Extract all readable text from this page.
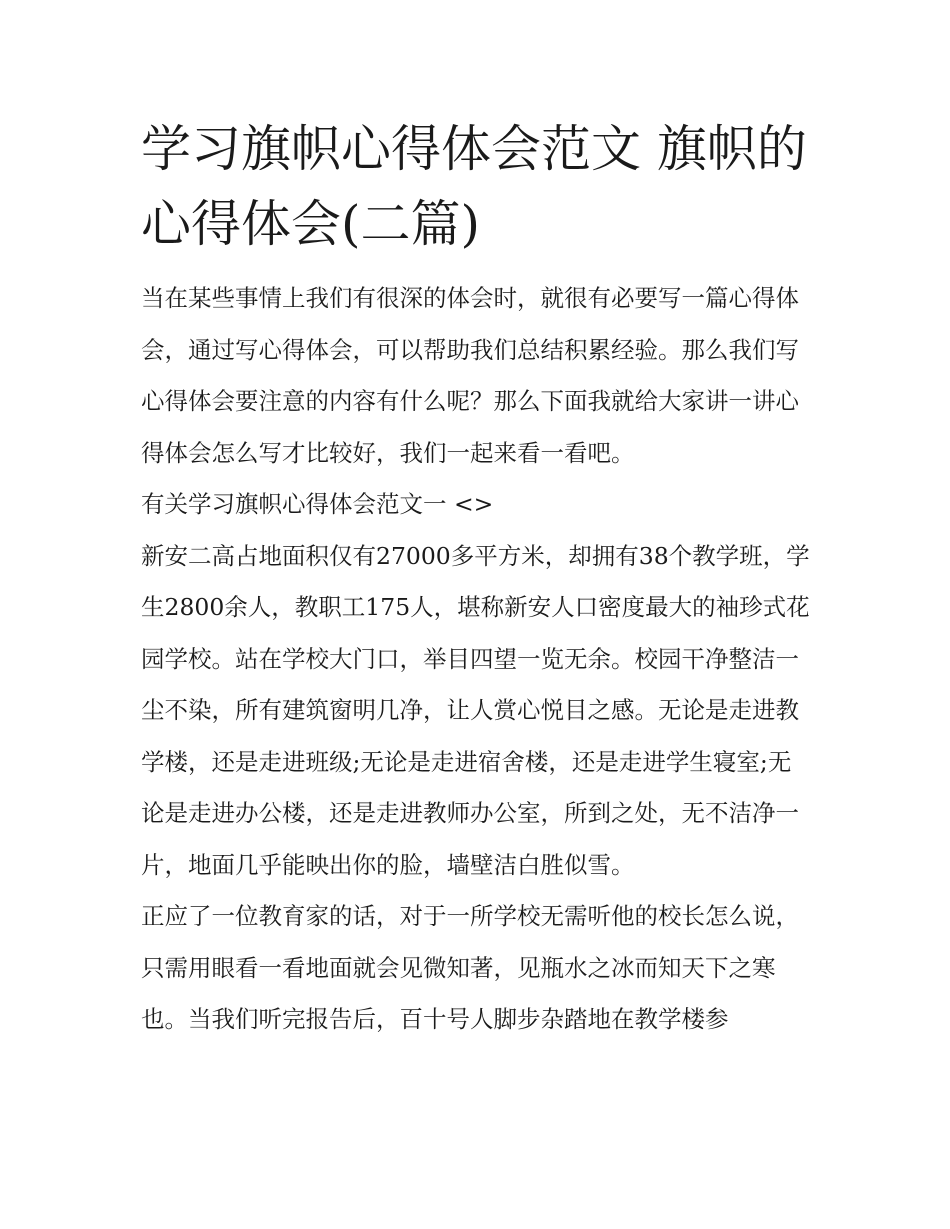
学习旗帜心得体会范文 旗帜的心得体会(二篇)

当在某些事情上我们有很深的体会时，就很有必要写一篇心得体会，通过写心得体会，可以帮助我们总结积累经验。那么我们写心得体会要注意的内容有什么呢？那么下面我就给大家讲一讲心得体会怎么写才比较好，我们一起来看一看吧。

有关学习旗帜心得体会范文一 <>

新安二高占地面积仅有27000多平方米，却拥有38个教学班，学生2800余人，教职工175人，堪称新安人口密度最大的袖珍式花园学校。站在学校大门口，举目四望一览无余。校园干净整洁一尘不染，所有建筑窗明几净，让人赏心悦目之感。无论是走进教学楼，还是走进班级;无论是走进宿舍楼，还是走进学生寝室;无论是走进办公楼，还是走进教师办公室，所到之处，无不洁净一片，地面几乎能映出你的脸，墙壁洁白胜似雪。

正应了一位教育家的话，对于一所学校无需听他的校长怎么说，只需用眼看一看地面就会见微知著，见瓶水之冰而知天下之寒也。当我们听完报告后，百十号人脚步杂踏地在教学楼参
